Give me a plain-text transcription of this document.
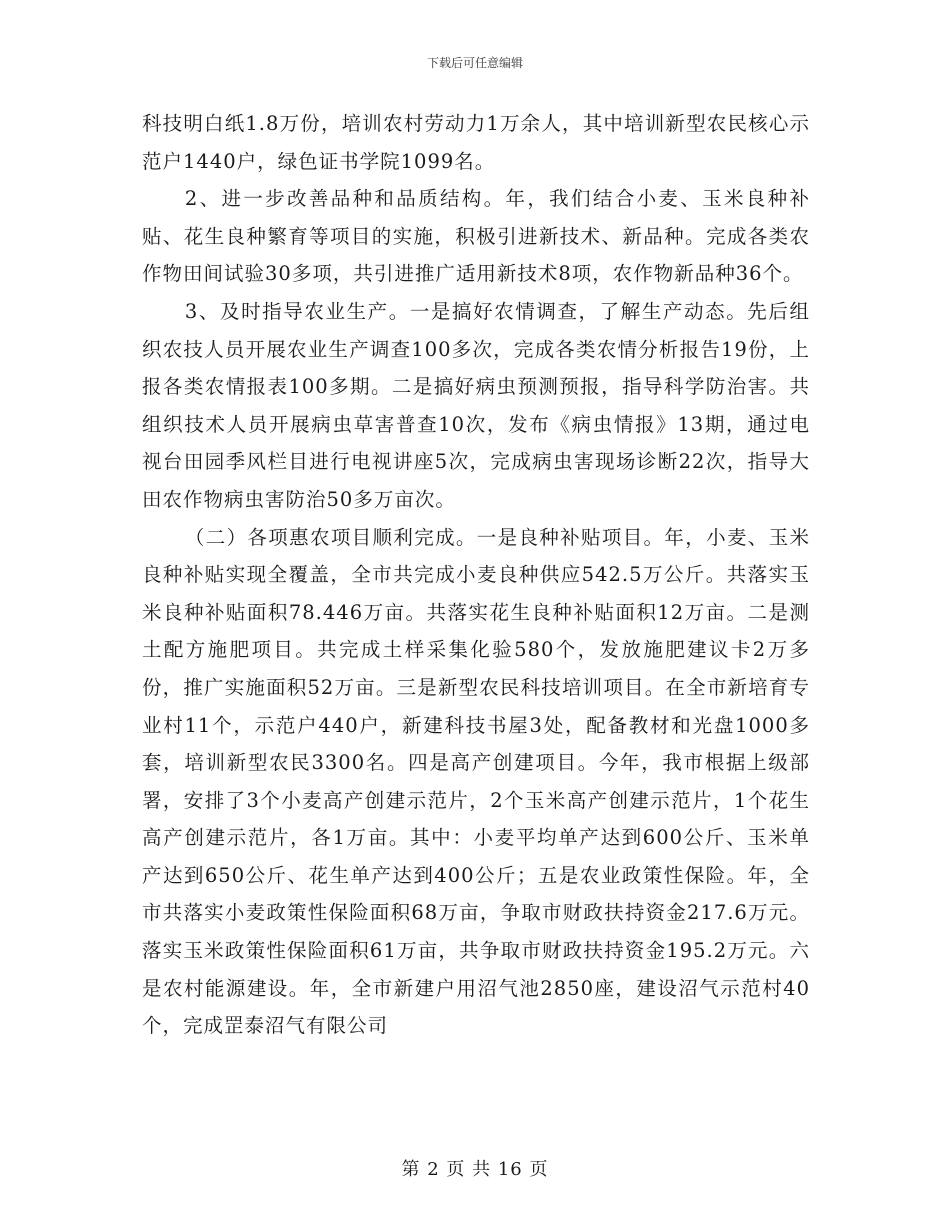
下载后可任意编辑

科技明白纸1.8万份，培训农村劳动力1万余人，其中培训新型农民核心示范户1440户，绿色证书学院1099名。

2、进一步改善品种和品质结构。年，我们结合小麦、玉米良种补贴、花生良种繁育等项目的实施，积极引进新技术、新品种。完成各类农作物田间试验30多项，共引进推广适用新技术8项，农作物新品种36个。

3、及时指导农业生产。一是搞好农情调查，了解生产动态。先后组织农技人员开展农业生产调查100多次，完成各类农情分析报告19份，上报各类农情报表100多期。二是搞好病虫预测预报，指导科学防治害。共组织技术人员开展病虫草害普查10次，发布《病虫情报》13期，通过电视台田园季风栏目进行电视讲座5次，完成病虫害现场诊断22次，指导大田农作物病虫害防治50多万亩次。

（二）各项惠农项目顺利完成。一是良种补贴项目。年，小麦、玉米良种补贴实现全覆盖，全市共完成小麦良种供应542.5万公斤。共落实玉米良种补贴面积78.446万亩。共落实花生良种补贴面积12万亩。二是测土配方施肥项目。共完成土样采集化验580个，发放施肥建议卡2万多份，推广实施面积52万亩。三是新型农民科技培训项目。在全市新培育专业村11个，示范户440户，新建科技书屋3处，配备教材和光盘1000多套，培训新型农民3300名。四是高产创建项目。今年，我市根据上级部署，安排了3个小麦高产创建示范片，2个玉米高产创建示范片，1个花生高产创建示范片，各1万亩。其中：小麦平均单产达到600公斤、玉米单产达到650公斤、花生单产达到400公斤；五是农业政策性保险。年，全市共落实小麦政策性保险面积68万亩，争取市财政扶持资金217.6万元。落实玉米政策性保险面积61万亩，共争取市财政扶持资金195.2万元。六是农村能源建设。年，全市新建户用沼气池2850座，建设沼气示范村40个，完成罡泰沼气有限公司

第 2 页 共 16 页
